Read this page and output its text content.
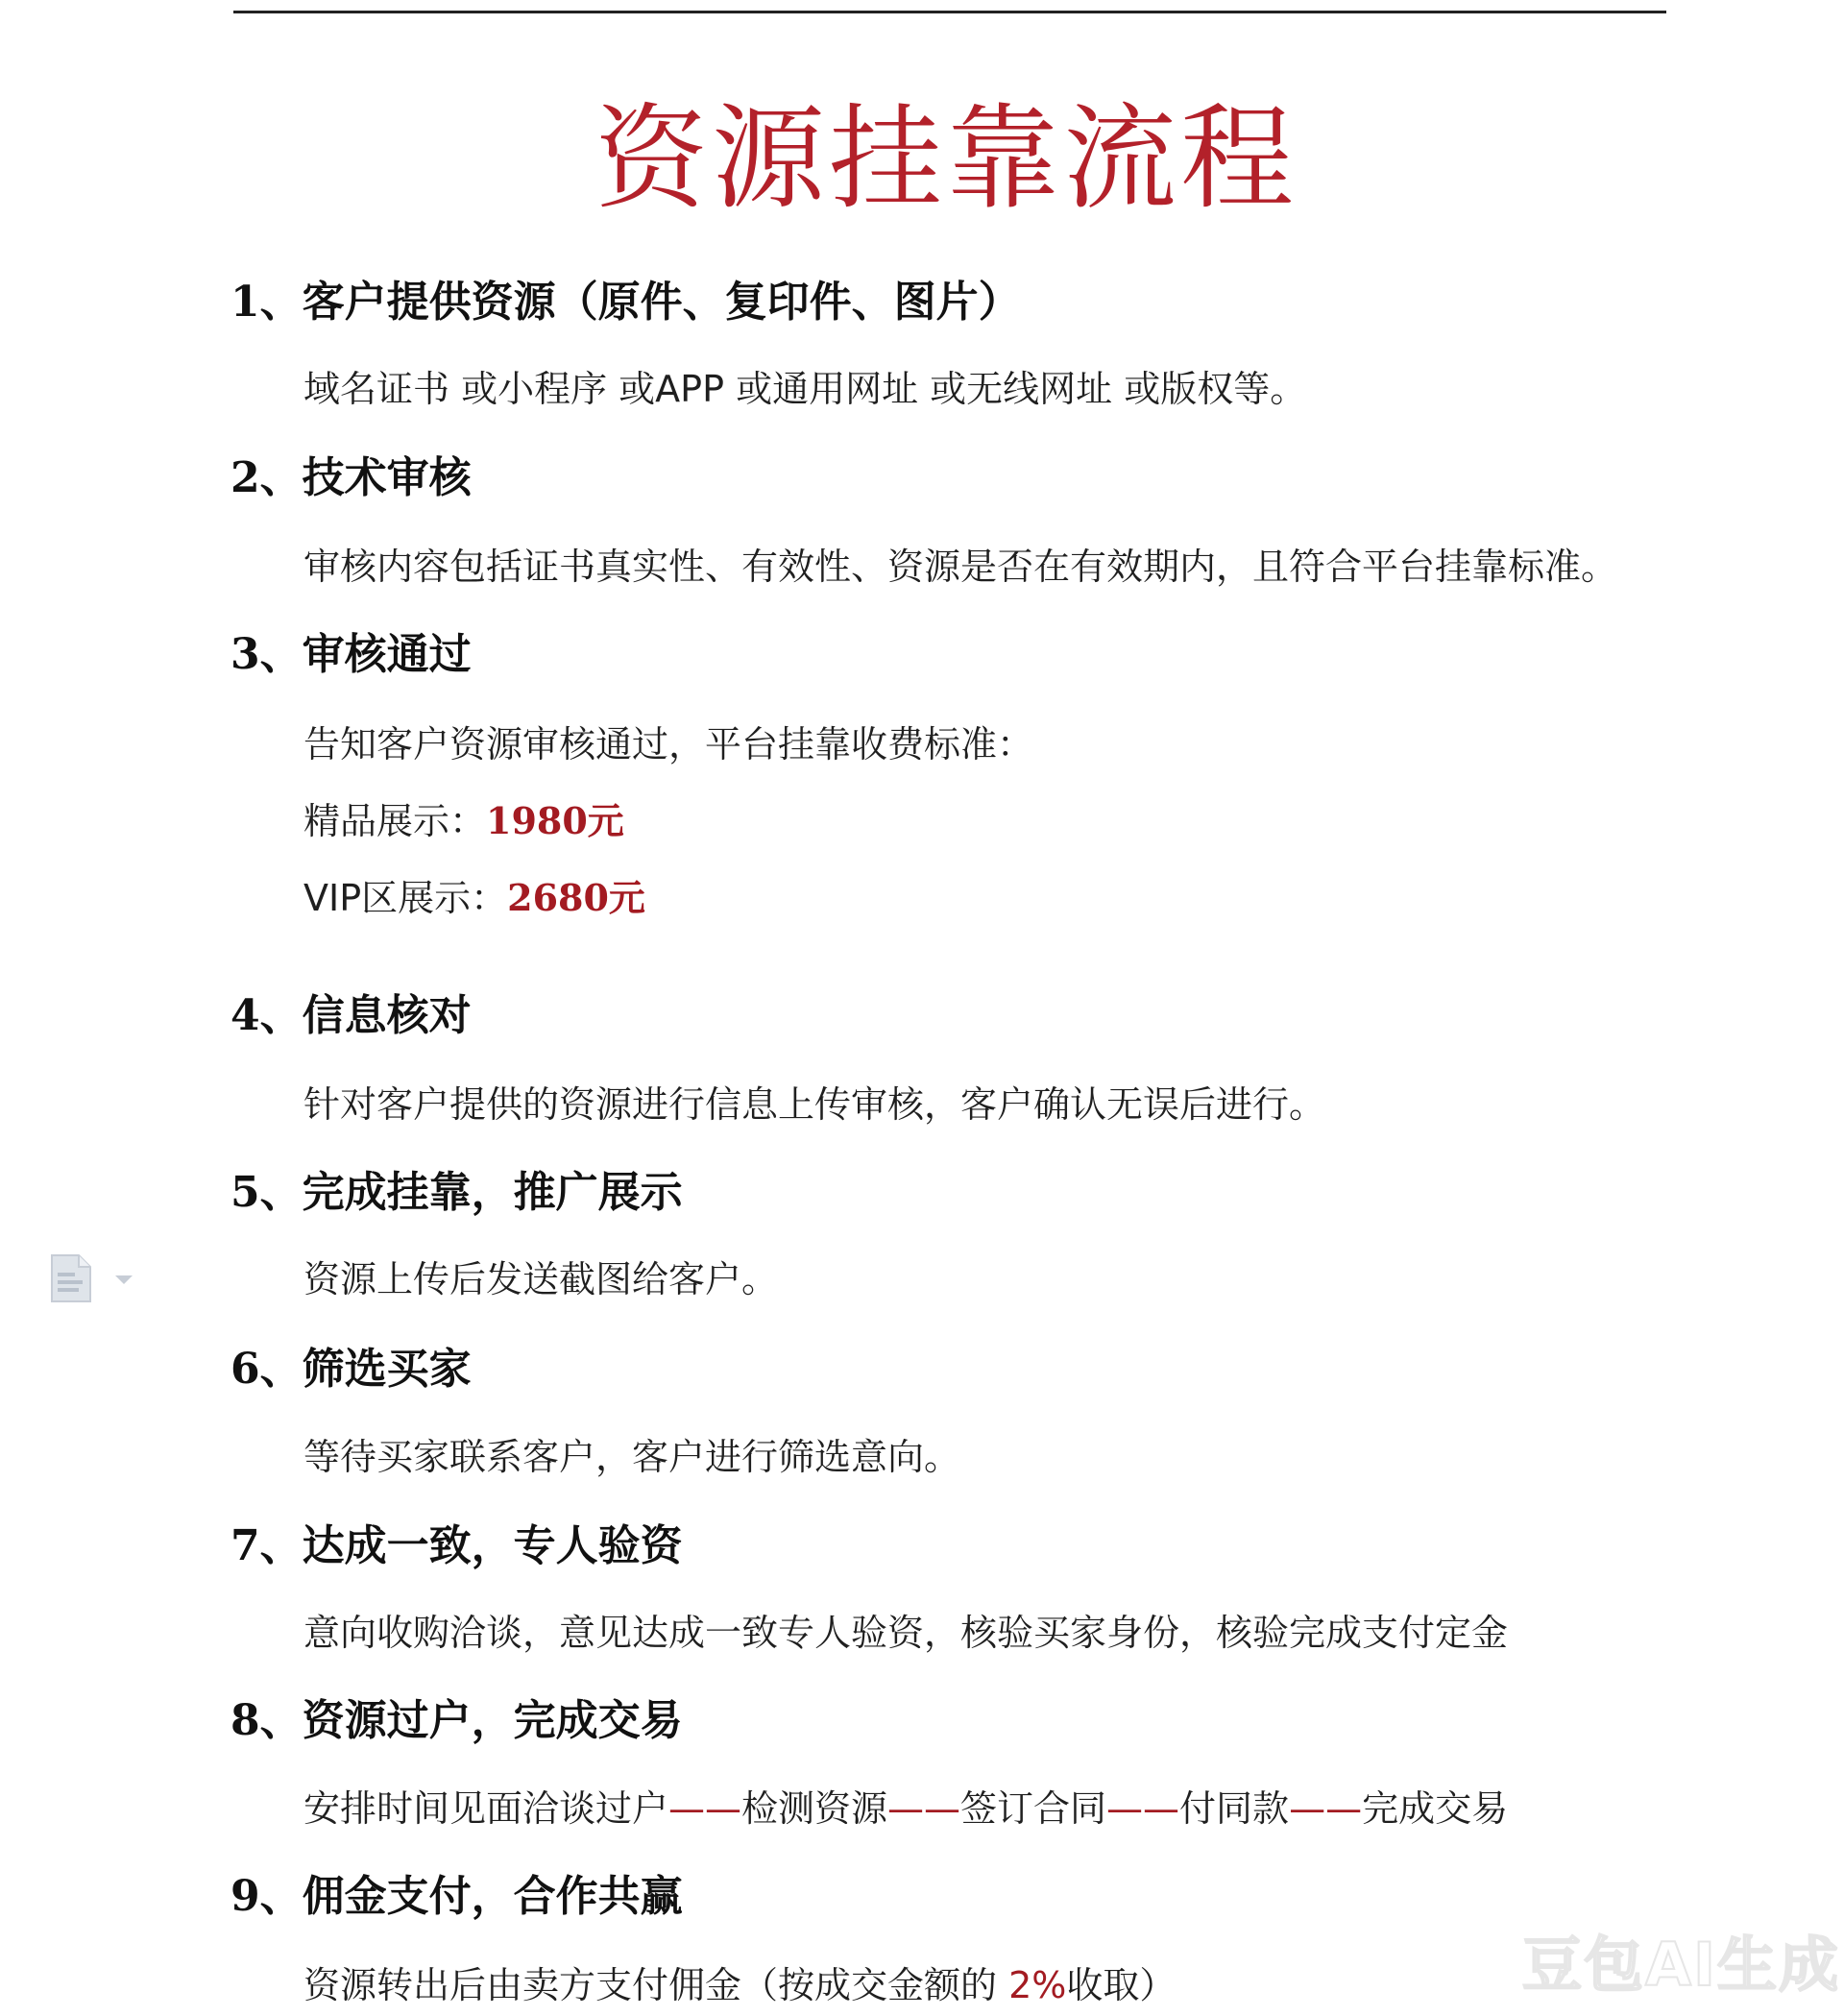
资源挂靠流程
1、客户提供资源（原件、复印件、图片）
域名证书 或小程序 或APP 或通用网址 或无线网址 或版权等。
2、技术审核
审核内容包括证书真实性、有效性、资源是否在有效期内，且符合平台挂靠标准。
3、审核通过
告知客户资源审核通过，平台挂靠收费标准：
精品展示：1980元
VIP区展示：2680元
4、信息核对
针对客户提供的资源进行信息上传审核，客户确认无误后进行。
5、完成挂靠，推广展示
资源上传后发送截图给客户。
6、筛选买家
等待买家联系客户，客户进行筛选意向。
7、达成一致，专人验资
意向收购洽谈，意见达成一致专人验资，核验买家身份，核验完成支付定金
8、资源过户，完成交易
安排时间见面洽谈过户——检测资源——签订合同——付同款——完成交易
9、佣金支付，合作共赢
资源转出后由卖方支付佣金（按成交金额的 2%收取）	豆包AI生成
